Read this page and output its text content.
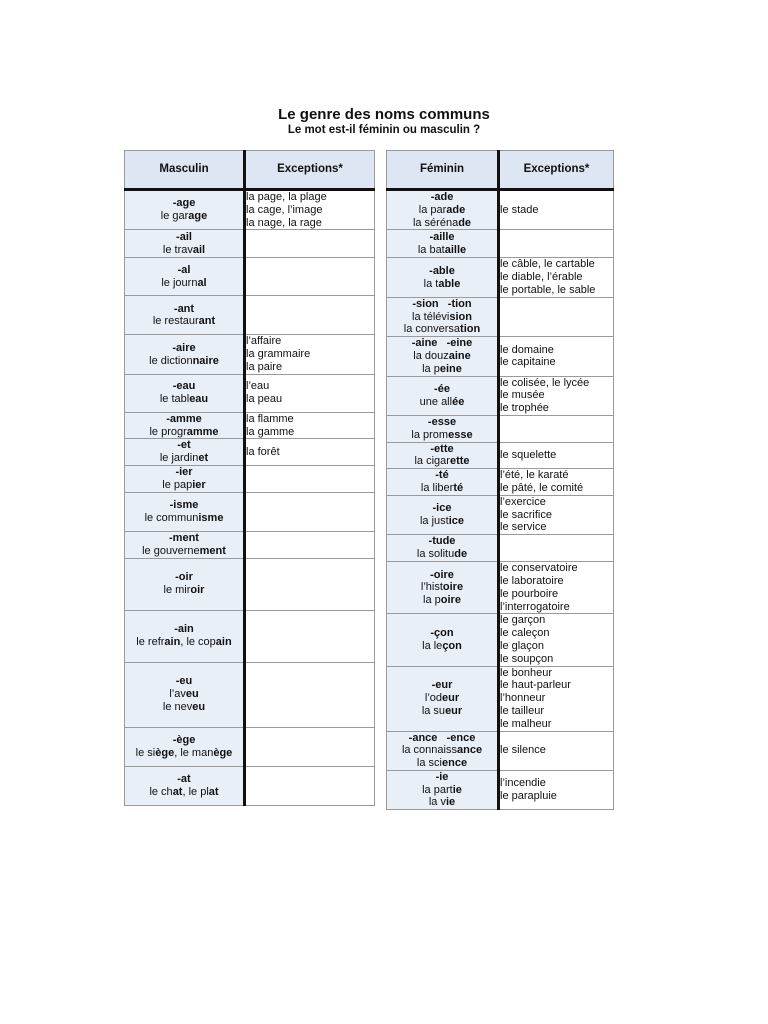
Le genre des noms communs
Le mot est-il féminin ou masculin ?
Masculin	Exceptions*

-age
le garage	la page, la plage
la cage, l’image
la nage, la rage

-ail
le travail	

-al
le journal	

-ant
le restaurant	

-aire
le dictionnaire	l’affaire
la grammaire
la paire

-eau
le tableau	l’eau
la peau

-amme
le programme	la flamme
la gamme

-et
le jardinet	la forêt

-ier
le papier	

-isme
le communisme	

-ment
le gouvernement	

-oir
le miroir	

-ain
le refrain, le copain	

-eu
l’aveu
le neveu	

-ège
le siège, le manège	

-at
le chat, le plat	

Féminin	Exceptions*

-ade
la parade
la sérénade	le stade

-aille
la bataille	

-able
la table	le câble, le cartable
le diable, l’érable
le portable, le sable

-sion   -tion
la télévision
la conversation	

-aine   -eine
la douzaine
la peine	le domaine
le capitaine

-ée
une allée	le colisée, le lycée
le musée
le trophée

-esse
la promesse	

-ette
la cigarette	le squelette

-té
la liberté	l’été, le karaté
le pâté, le comité

-ice
la justice	l’exercice
le sacrifice
le service

-tude
la solitude	

-oire
l’histoire
la poire	le conservatoire
le laboratoire
le pourboire
l’interrogatoire

-çon
la leçon	le garçon
le caleçon
le glaçon
le soupçon

-eur
l’odeur
la sueur	le bonheur
le haut-parleur
l’honneur
le tailleur
le malheur

-ance   -ence
la connaissance
la science	le silence

-ie
la partie
la vie	l’incendie
le parapluie
